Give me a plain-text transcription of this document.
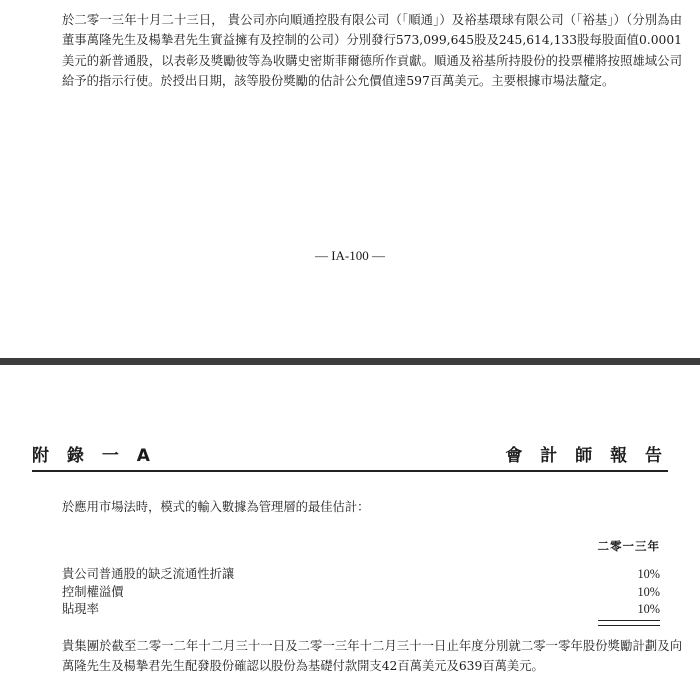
於二零一三年十月二十三日， 貴公司亦向順通控股有限公司（「順通」）及裕基環球有限公司（「裕基」）（分別為由董事萬隆先生及楊摯君先生實益擁有及控制的公司）分別發行573,099,645股及245,614,133股每股面值0.0001美元的新普通股，以表彰及獎勵彼等為收購史密斯菲爾德所作貢獻。順通及裕基所持股份的投票權將按照雄域公司給予的指示行使。於授出日期，該等股份獎勵的估計公允價值達597百萬美元。主要根據市場法釐定。

— IA-100 —
附 錄 一 A	會 計 師 報 告
於應用市場法時，模式的輸入數據為管理層的最佳估計：
二零一三年
貴公司普通股的缺乏流通性折讓	10%
控制權溢價	10%
貼現率	10%

貴集團於截至二零一二年十二月三十一日及二零一三年十二月三十一日止年度分別就二零一零年股份獎勵計劃及向萬隆先生及楊摯君先生配發股份確認以股份為基礎付款開支42百萬美元及639百萬美元。
